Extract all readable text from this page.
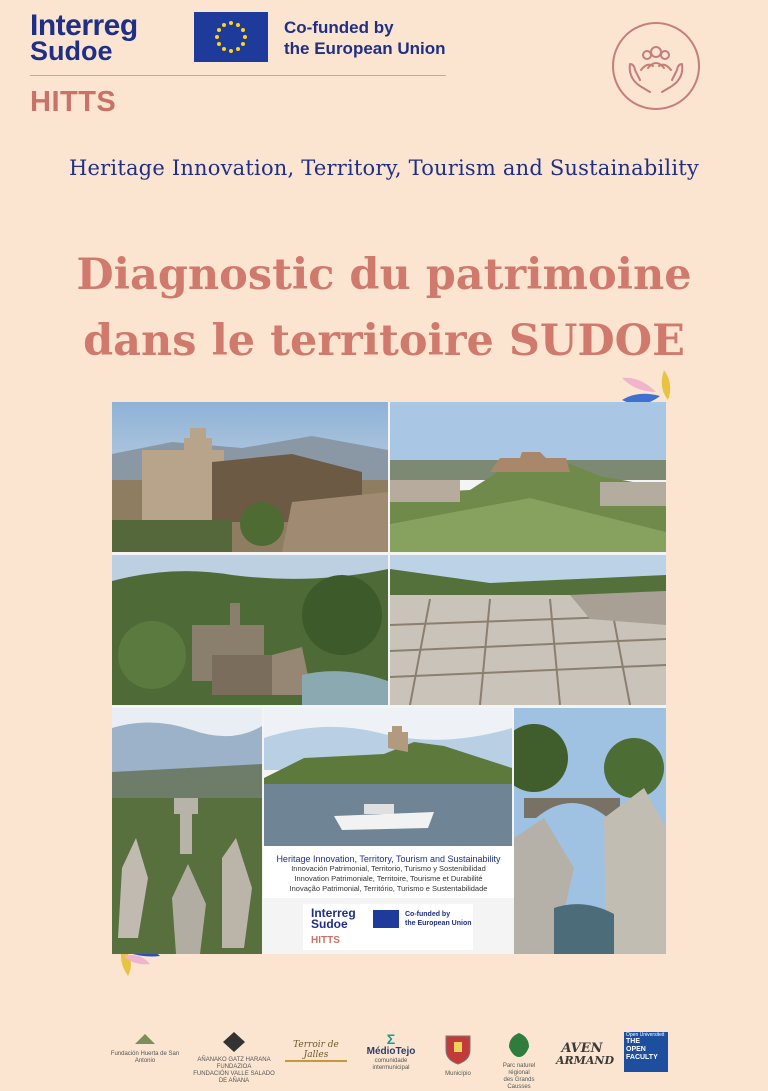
Interreg
Sudoe
Co-funded by
the European Union
HITTS
Heritage Innovation, Territory, Tourism and Sustainability
Diagnostic du patrimoine
dans le territoire SUDOE
Heritage Innovation, Territory, Tourism and Sustainability
Innovación Patrimonial, Territorio, Turismo y Sostenibilidad
Innovation Patrimoniale, Territoire, Tourisme et Durabilité
Inovação Patrimonial, Território, Turismo e Sustentabilidade
Interreg
Sudoe
Co-funded by
the European Union
HITTS
Fundación Huerta de San Antonio	AÑANAKO GATZ HARANA FUNDAZIOA
FUNDACIÓN VALLE SALADO DE AÑANA
Terroir de Jalles
Σ
MédioTejo
comunidade intermunicipal
Município
Parc naturel régional
des Grands Causses
AVEN
ARMAND
Open Universiteit
THE
OPEN
FACULTY
